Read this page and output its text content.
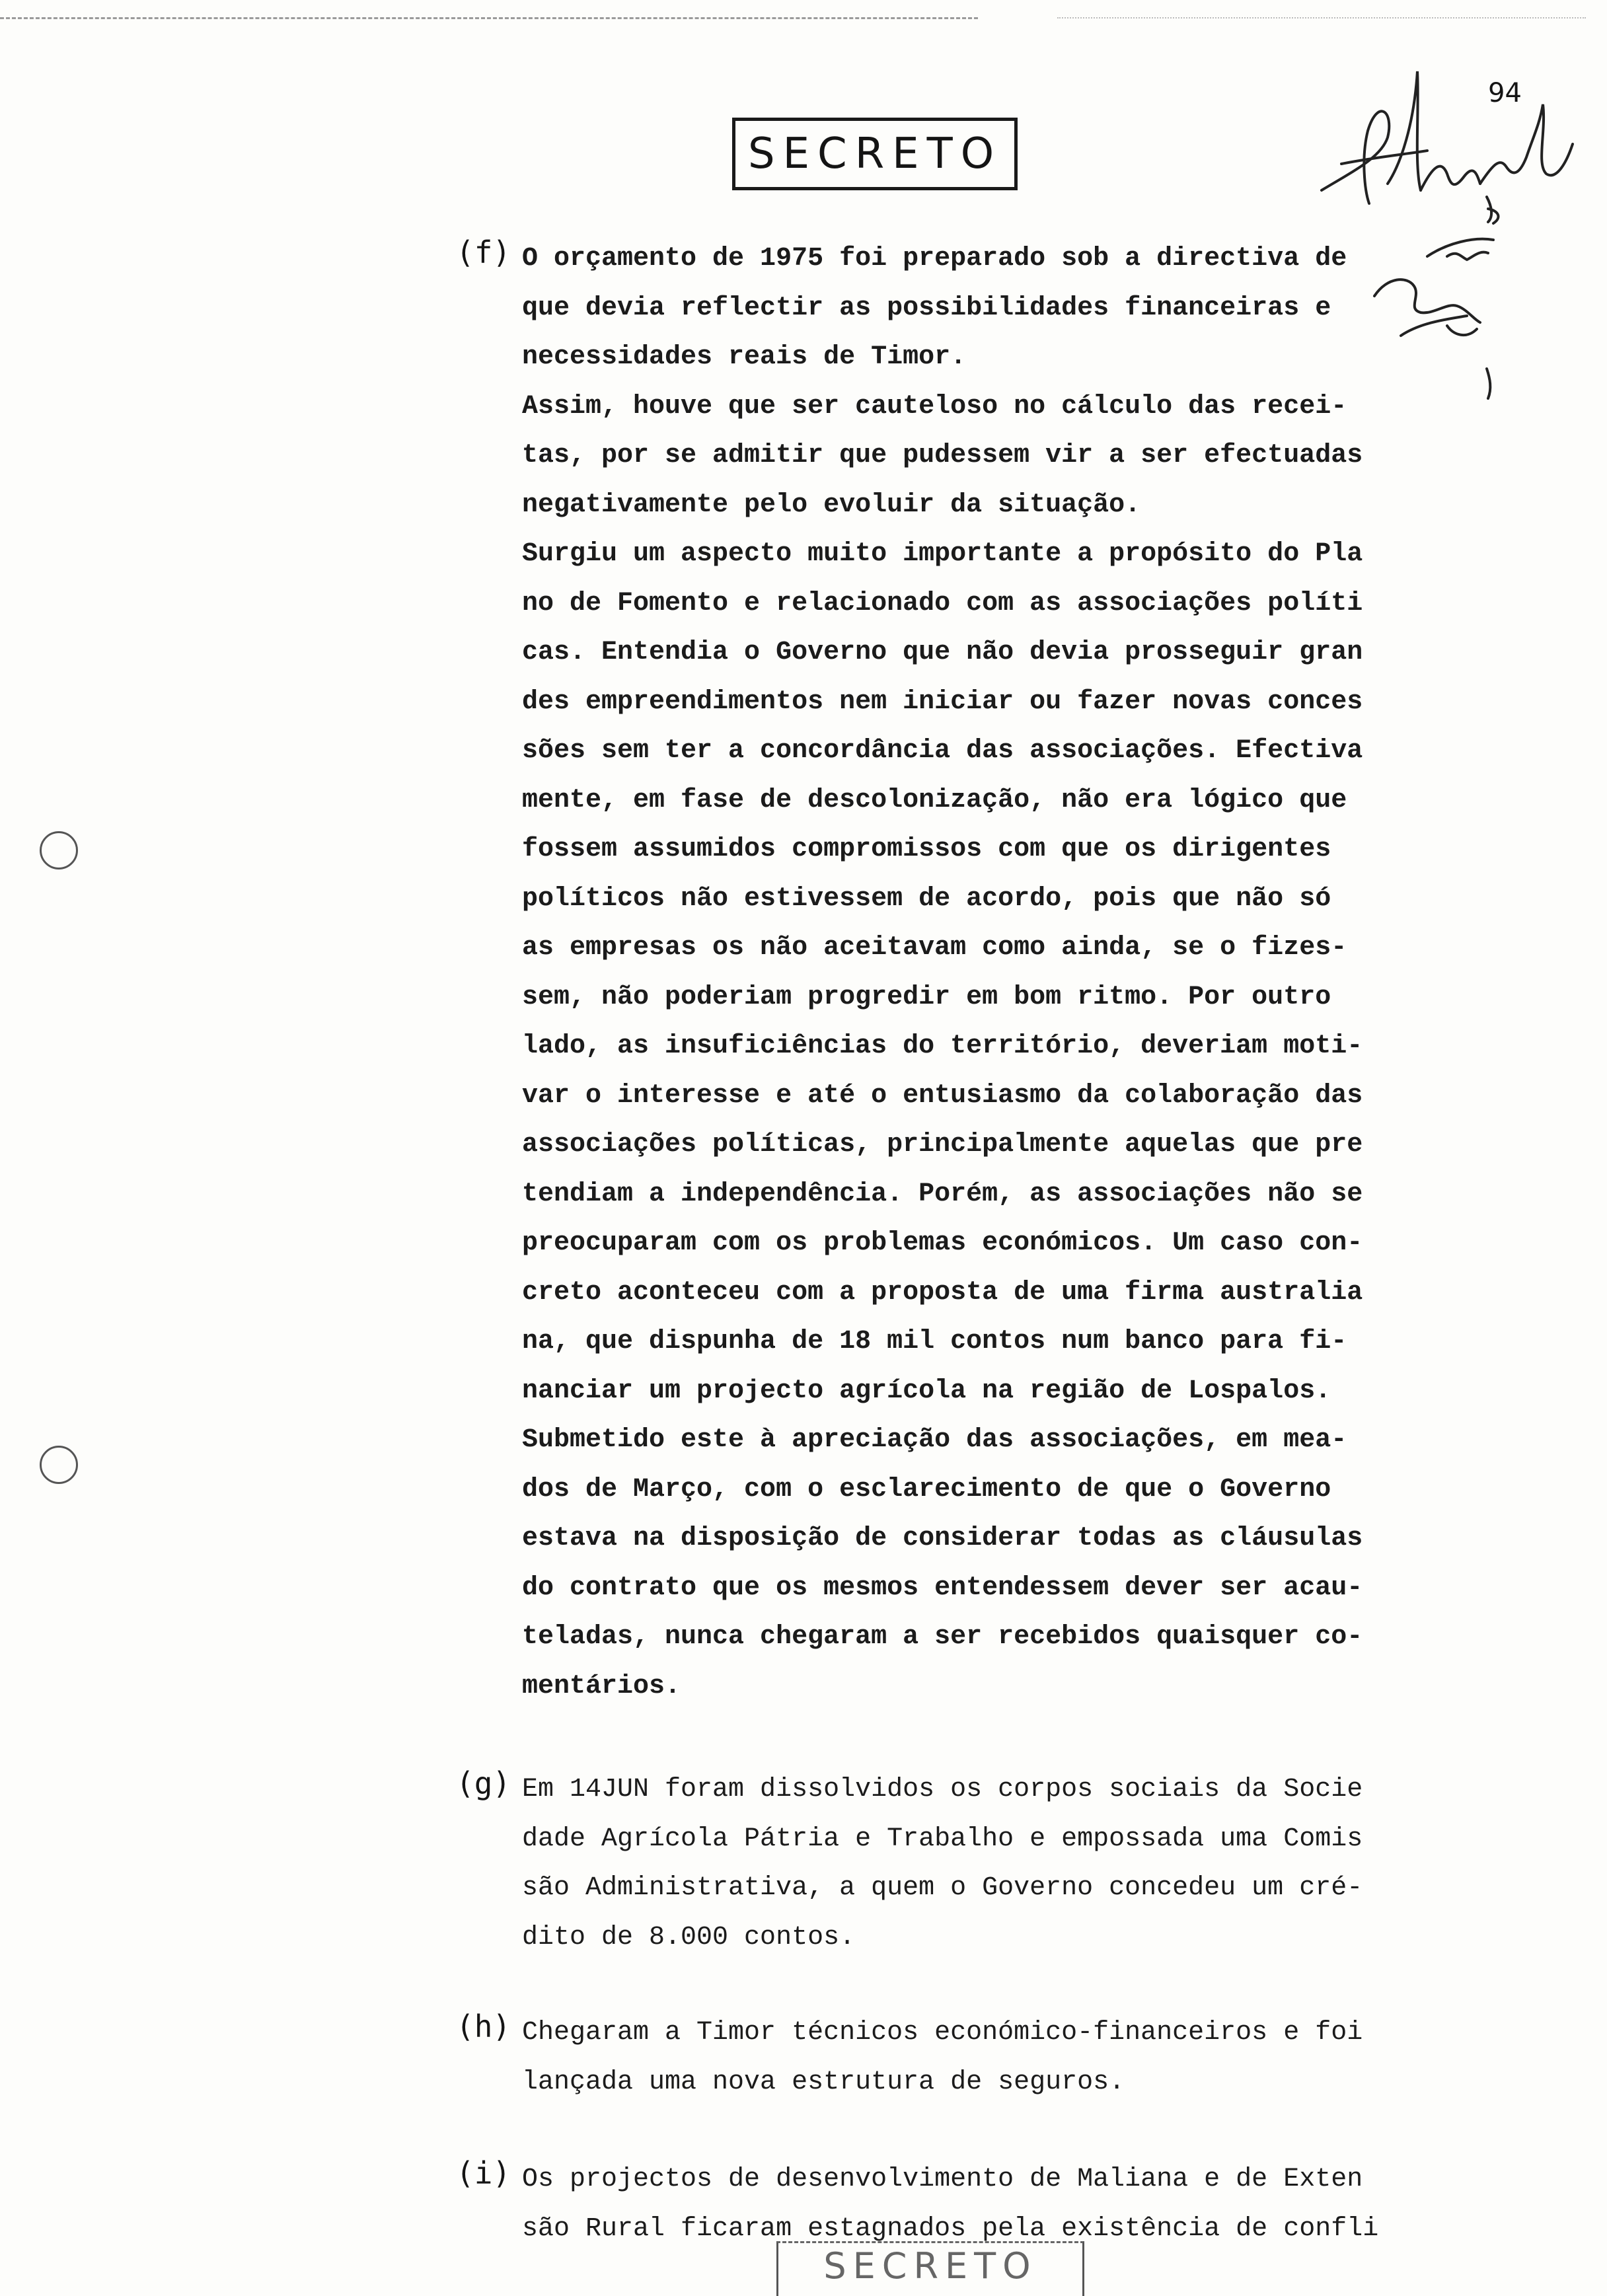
SECRETO
94
(f) O orçamento de 1975 foi preparado sob a directiva de
que devia reflectir as possibilidades financeiras e
necessidades reais de Timor.
Assim, houve que ser cauteloso no cálculo das recei-
tas, por se admitir que pudessem vir a ser efectuadas
negativamente pelo evoluir da situação.
Surgiu um aspecto muito importante a propósito do Pla
no de Fomento e relacionado com as associações políti
cas. Entendia o Governo que não devia prosseguir gran
des empreendimentos nem iniciar ou fazer novas conces
sões sem ter a concordância das associações. Efectiva
mente, em fase de descolonização, não era lógico que
fossem assumidos compromissos com que os dirigentes
políticos não estivessem de acordo, pois que não só
as empresas os não aceitavam como ainda, se o fizes-
sem, não poderiam progredir em bom ritmo. Por outro
lado, as insuficiências do território, deveriam moti-
var o interesse e até o entusiasmo da colaboração das
associações políticas, principalmente aquelas que pre
tendiam a independência. Porém, as associações não se
preocuparam com os problemas económicos. Um caso con-
creto aconteceu com a proposta de uma firma australia
na, que dispunha de 18 mil contos num banco para fi-
nanciar um projecto agrícola na região de Lospalos.
Submetido este à apreciação das associações, em mea-
dos de Março, com o esclarecimento de que o Governo
estava na disposição de considerar todas as cláusulas
do contrato que os mesmos entendessem dever ser acau-
teladas, nunca chegaram a ser recebidos quaisquer co-
mentários.
(g) Em 14JUN foram dissolvidos os corpos sociais da Socie
dade Agrícola Pátria e Trabalho e empossada uma Comis
são Administrativa, a quem o Governo concedeu um cré-
dito de 8.000 contos.
(h) Chegaram a Timor técnicos económico-financeiros e foi
lançada uma nova estrutura de seguros.
(i) Os projectos de desenvolvimento de Maliana e de Exten
são Rural ficaram estagnados pela existência de confli
SECRETO
